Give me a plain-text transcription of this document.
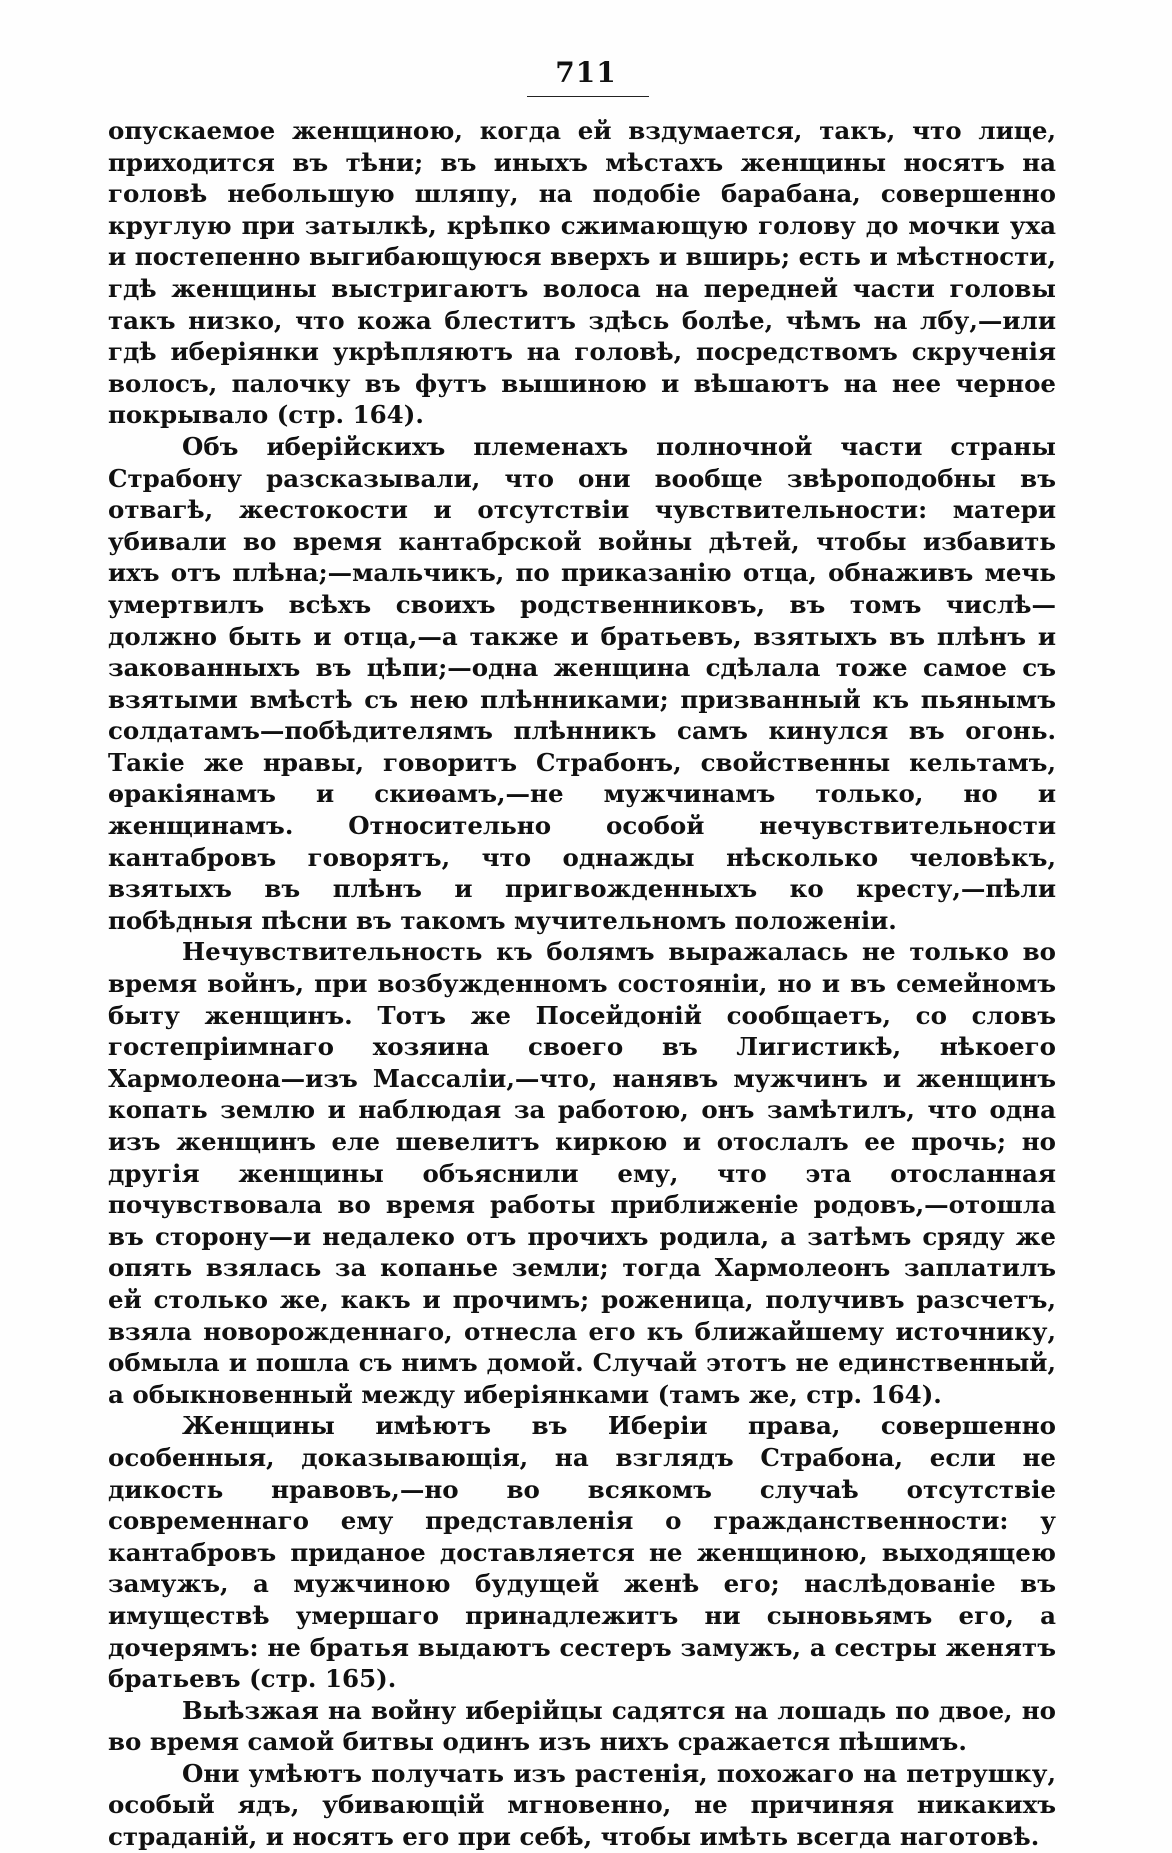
711

опускаемое женщиною, когда ей вздумается, такъ, что лице, приходится въ тѣни; въ иныхъ мѣстахъ женщины носятъ на головѣ небольшую шляпу, на подобіе барабана, совершенно круглую при затылкѣ, крѣпко сжимающую голову до мочки уха и постепенно выгибающуюся вверхъ и вширь; есть и мѣстности, гдѣ женщины выстригаютъ волоса на передней части головы такъ низко, что кожа блеститъ здѣсь болѣе, чѣмъ на лбу,—или гдѣ иберіянки укрѣпляютъ на головѣ, посредствомъ скрученія волосъ, палочку въ футъ вышиною и вѣшаютъ на нее черное покрывало (стр. 164).

Объ иберійскихъ племенахъ полночной части страны Страбону разсказывали, что они вообще звѣроподобны въ отвагѣ, жестокости и отсутствіи чувствительности: матери убивали во время кантабрской войны дѣтей, чтобы избавить ихъ отъ плѣна;—мальчикъ, по приказанію отца, обнаживъ мечь умертвилъ всѣхъ своихъ родственниковъ, въ томъ числѣ—должно быть и отца,—а также и братьевъ, взятыхъ въ плѣнъ и закованныхъ въ цѣпи;—одна женщина сдѣлала тоже самое съ взятыми вмѣстѣ съ нею плѣнниками; призванный къ пьянымъ солдатамъ—побѣдителямъ плѣнникъ самъ кинулся въ огонь. Такіе же нравы, говоритъ Страбонъ, свойственны кельтамъ, ѳракіянамъ и скиѳамъ,—не мужчинамъ только, но и женщинамъ. Относительно особой нечувствительности кантабровъ говорятъ, что однажды нѣсколько человѣкъ, взятыхъ въ плѣнъ и пригвожденныхъ ко кресту,—пѣли побѣдныя пѣсни въ такомъ мучительномъ положеніи.

Нечувствительность къ болямъ выражалась не только во время войнъ, при возбужденномъ состояніи, но и въ семейномъ быту женщинъ. Тотъ же Посейдоній сообщаетъ, со словъ гостепріимнаго хозяина своего въ Лигистикѣ, нѣкоего Хармолеона—изъ Массаліи,—что, нанявъ мужчинъ и женщинъ копать землю и наблюдая за работою, онъ замѣтилъ, что одна изъ женщинъ еле шевелитъ киркою и отослалъ ее прочь; но другія женщины объяснили ему, что эта отосланная почувствовала во время работы приближеніе родовъ,—отошла въ сторону—и недалеко отъ прочихъ родила, а затѣмъ сряду же опять взялась за копанье земли; тогда Хармолеонъ заплатилъ ей столько же, какъ и прочимъ; роженица, получивъ разсчетъ, взяла новорожденнаго, отнесла его къ ближайшему источнику, обмыла и пошла съ нимъ домой. Случай этотъ не единственный, а обыкновенный между иберіянками (тамъ же, стр. 164).

Женщины имѣютъ въ Иберіи права, совершенно особенныя, доказывающія, на взглядъ Страбона, если не дикость нравовъ,—но во всякомъ случаѣ отсутствіе современнаго ему представленія о гражданственности: у кантабровъ приданое доставляется не женщиною, выходящею замужъ, а мужчиною будущей женѣ его; наслѣдованіе въ имуществѣ умершаго принадлежитъ ни сыновьямъ его, а дочерямъ: не братья выдаютъ сестеръ замужъ, а сестры женятъ братьевъ (стр. 165).

Выѣзжая на войну иберійцы садятся на лошадь по двое, но во время самой битвы одинъ изъ нихъ сражается пѣшимъ.

Они умѣютъ получать изъ растенія, похожаго на петрушку, особый ядъ, убивающій мгновенно, не причиняя никакихъ страданій, и носятъ его при себѣ, чтобы имѣть всегда наготовѣ.
